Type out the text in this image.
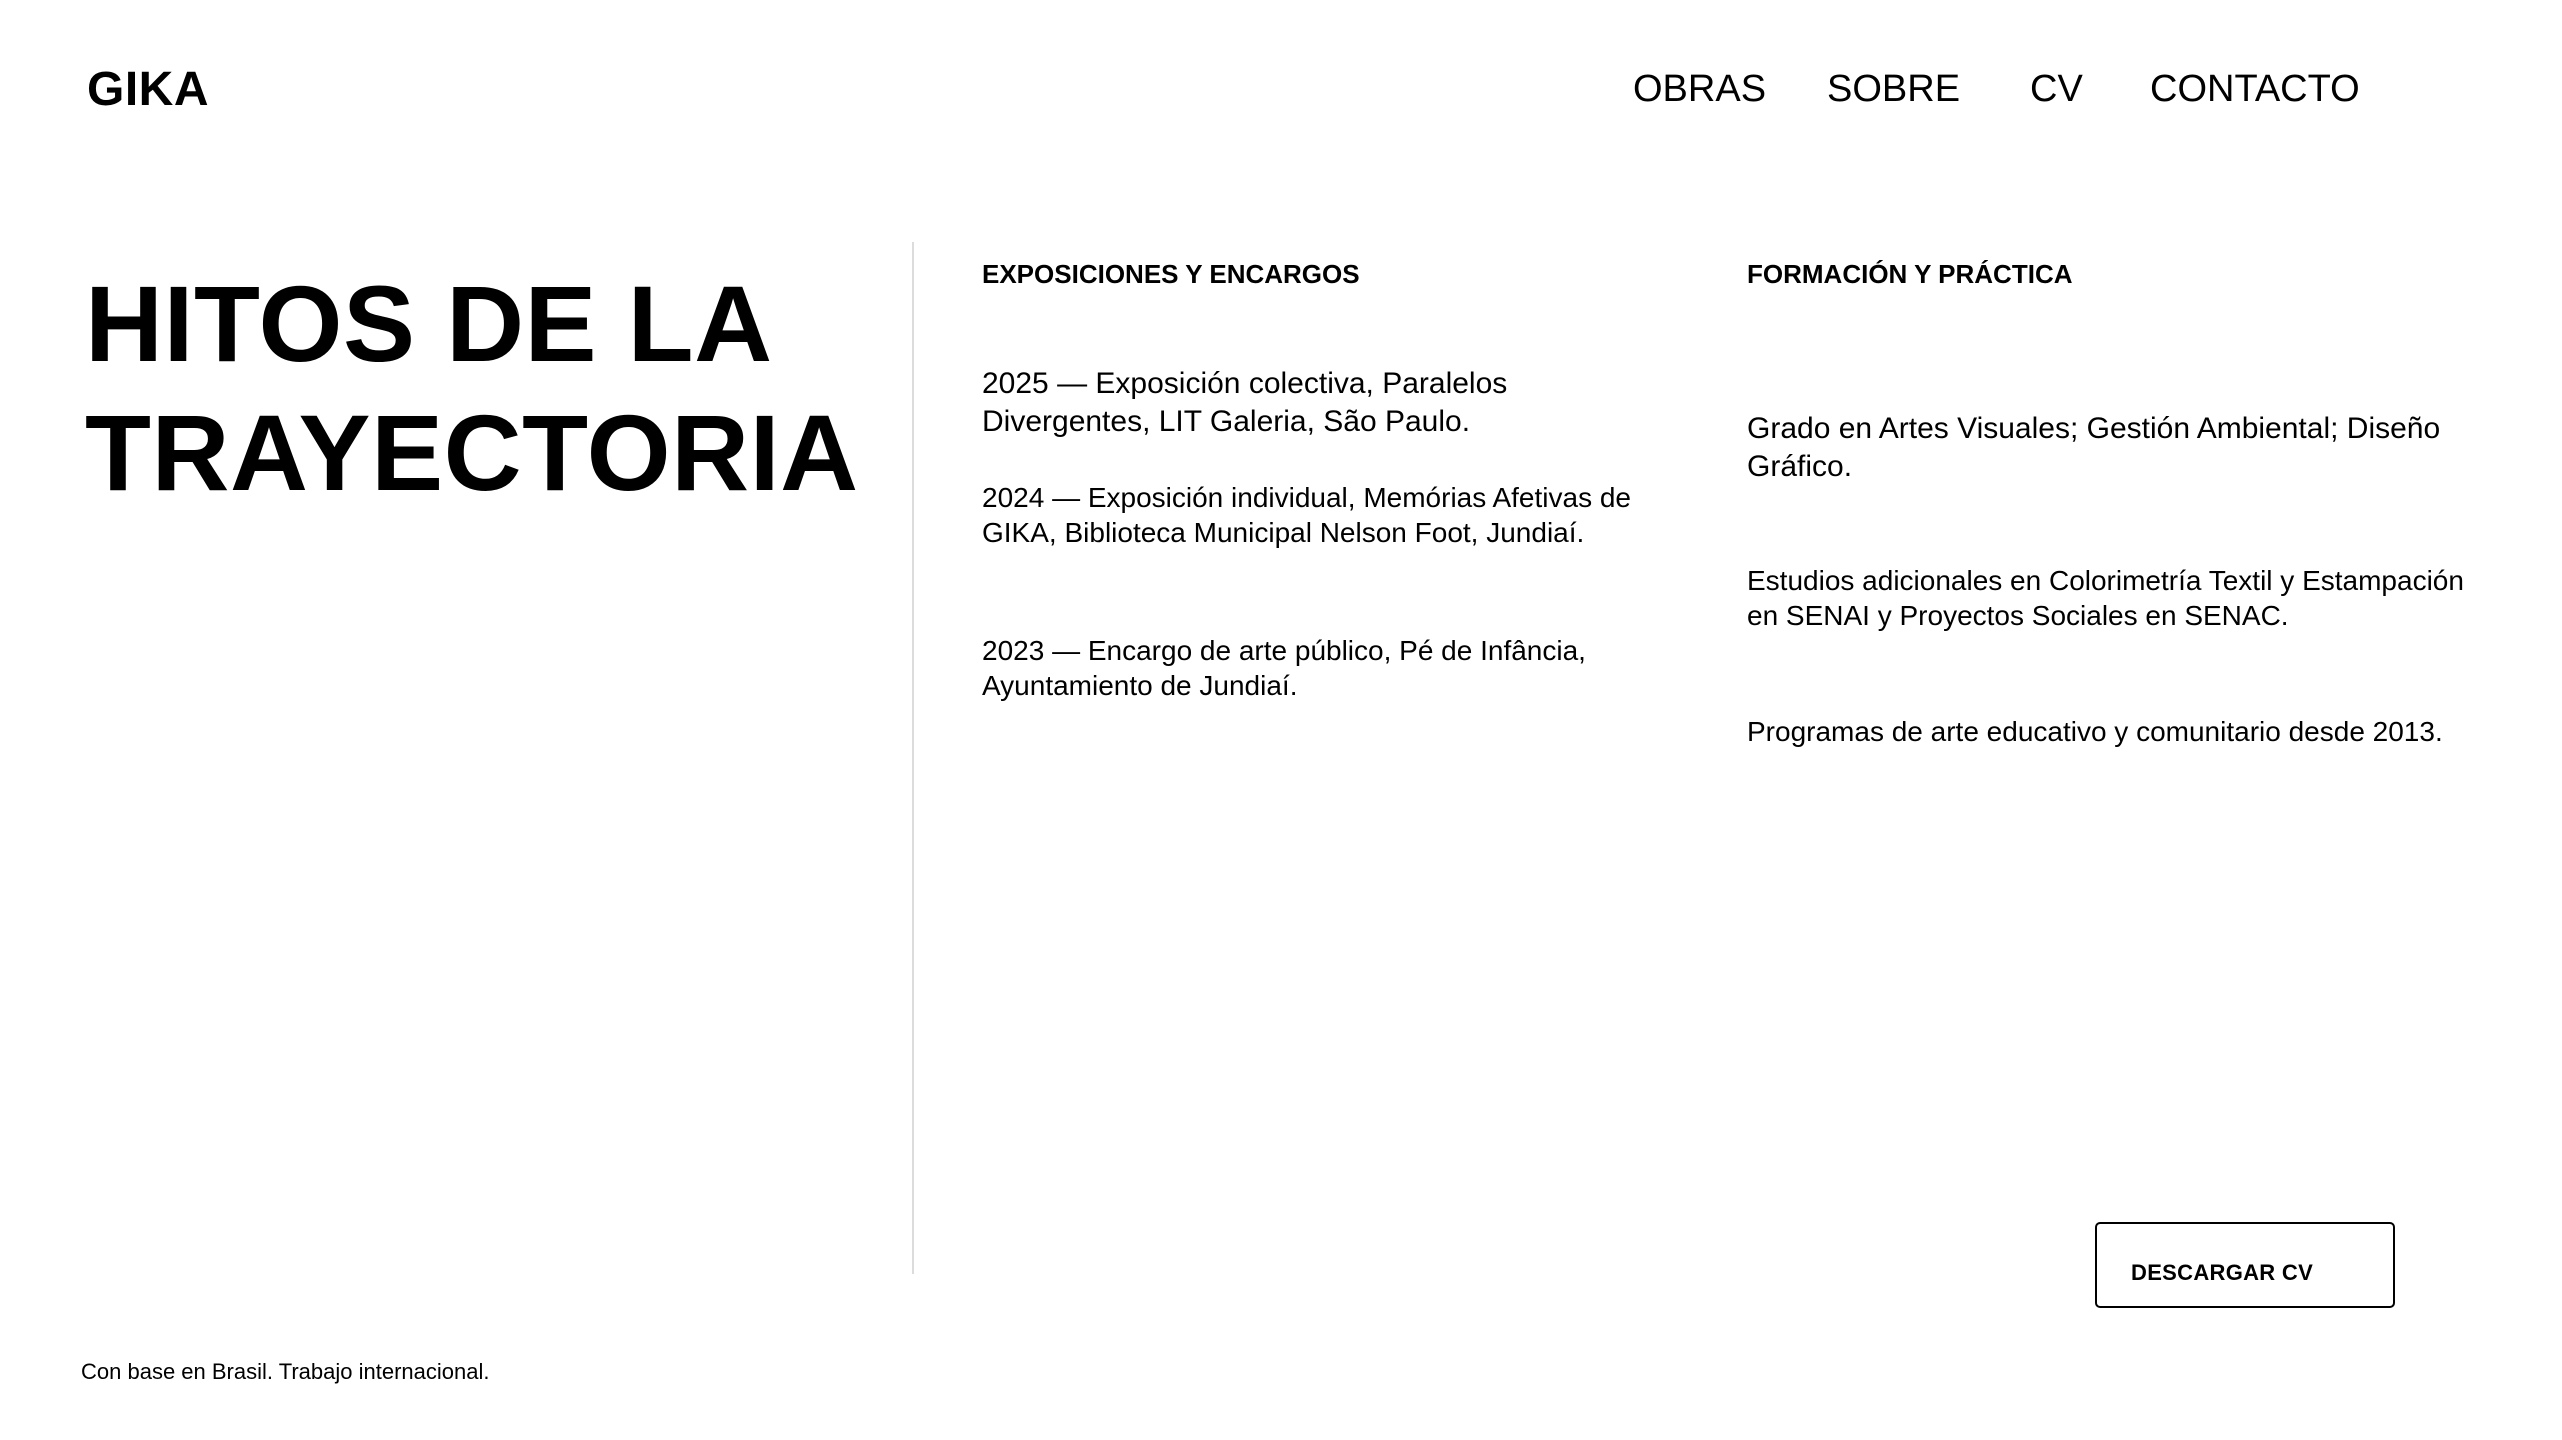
GIKA	OBRAS SOBRE CV CONTACTO
HITOS DE LA
TRAYECTORIA
EXPOSICIONES Y ENCARGOS

2025 — Exposición colectiva, Paralelos Divergentes, LIT Galeria, São Paulo.

2024 — Exposición individual, Memórias Afetivas de GIKA, Biblioteca Municipal Nelson Foot, Jundiaí.

2023 — Encargo de arte público, Pé de Infância, Ayuntamiento de Jundiaí.

FORMACIÓN Y PRÁCTICA

Grado en Artes Visuales; Gestión Ambiental; Diseño Gráfico.

Estudios adicionales en Colorimetría Textil y Estampación en SENAI y Proyectos Sociales en SENAC.

Programas de arte educativo y comunitario desde 2013.

DESCARGAR CV

Con base en Brasil. Trabajo internacional.
